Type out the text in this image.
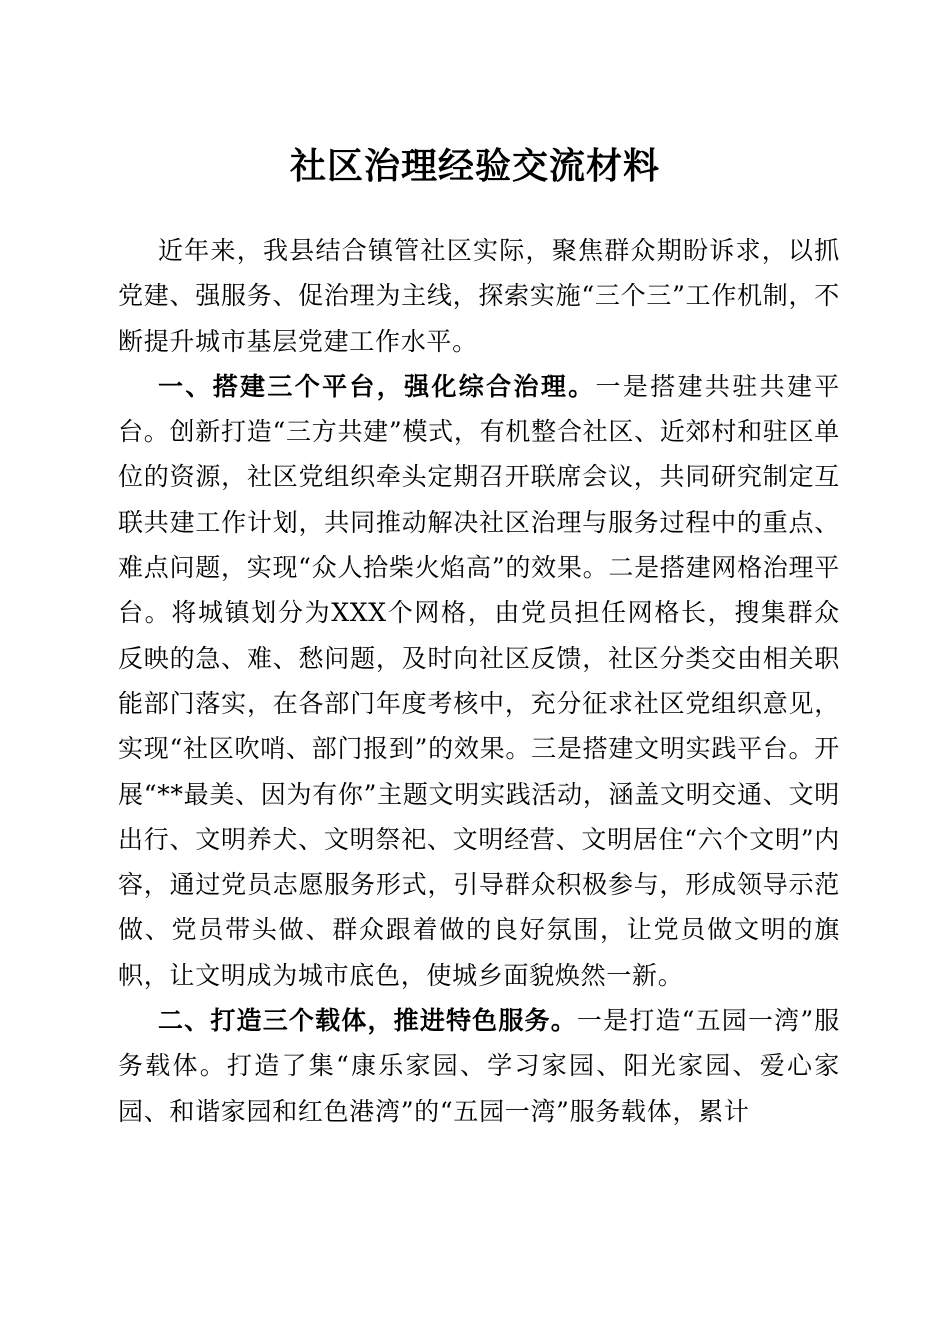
社区治理经验交流材料

近年来，我县结合镇管社区实际，聚焦群众期盼诉求，以抓党建、强服务、促治理为主线，探索实施“三个三”工作机制，不断提升城市基层党建工作水平。

一、搭建三个平台，强化综合治理。一是搭建共驻共建平台。创新打造“三方共建”模式，有机整合社区、近郊村和驻区单位的资源，社区党组织牵头定期召开联席会议，共同研究制定互联共建工作计划，共同推动解决社区治理与服务过程中的重点、难点问题，实现“众人拾柴火焰高”的效果。二是搭建网格治理平台。将城镇划分为XXX个网格，由党员担任网格长，搜集群众反映的急、难、愁问题，及时向社区反馈，社区分类交由相关职能部门落实，在各部门年度考核中，充分征求社区党组织意见，实现“社区吹哨、部门报到”的效果。三是搭建文明实践平台。开展“**最美、因为有你”主题文明实践活动，涵盖文明交通、文明出行、文明养犬、文明祭祀、文明经营、文明居住“六个文明”内容，通过党员志愿服务形式，引导群众积极参与，形成领导示范做、党员带头做、群众跟着做的良好氛围，让党员做文明的旗帜，让文明成为城市底色，使城乡面貌焕然一新。

二、打造三个载体，推进特色服务。一是打造“五园一湾”服务载体。打造了集“康乐家园、学习家园、阳光家园、爱心家园、和谐家园和红色港湾”的“五园一湾”服务载体，累计
